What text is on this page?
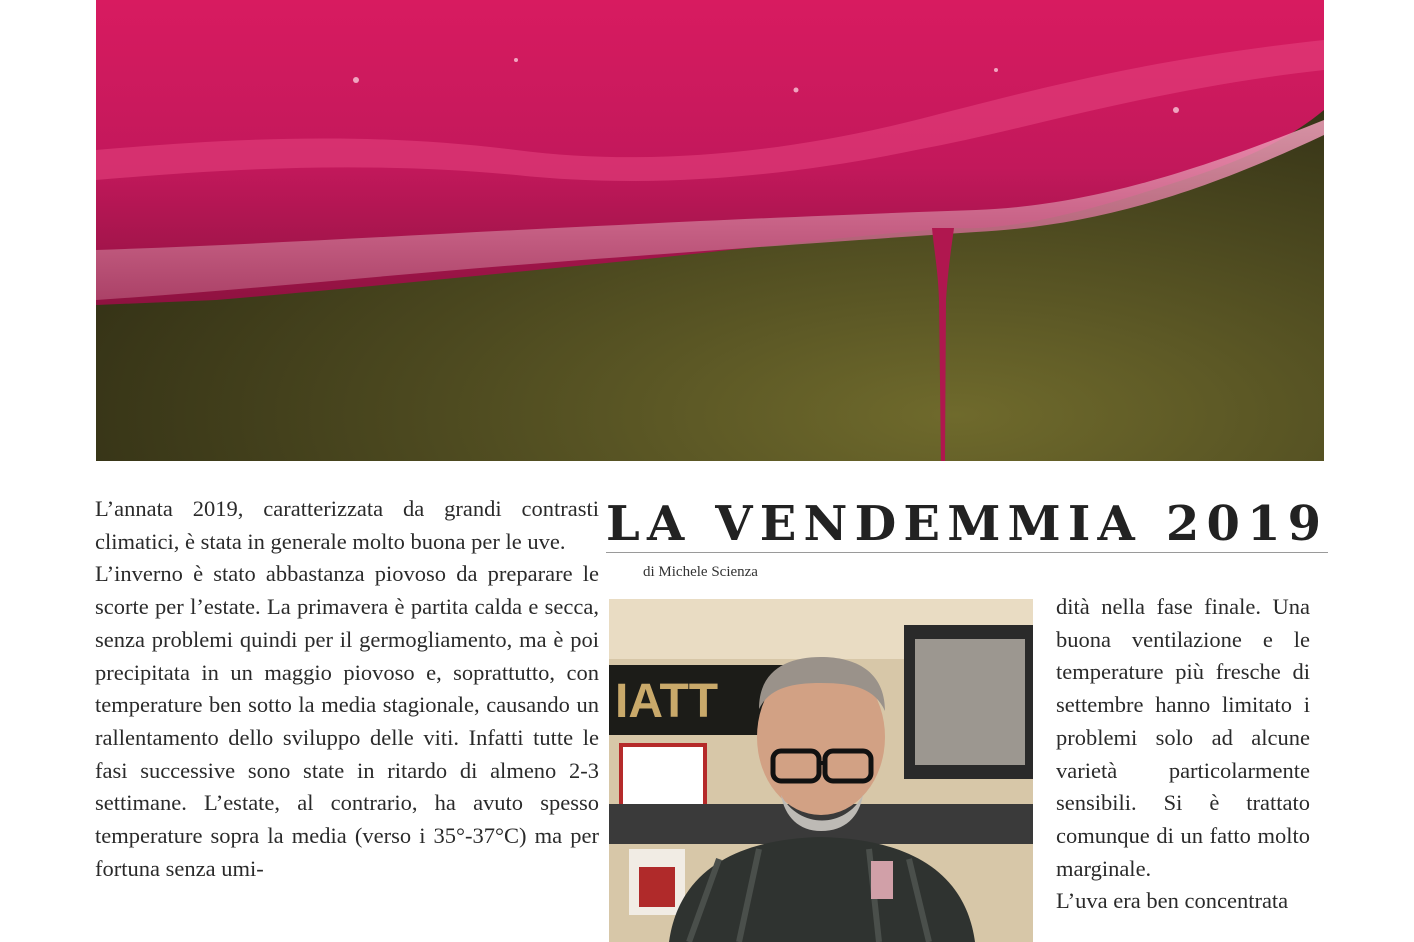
L’annata 2019, caratterizzata da grandi contrasti climatici, è stata in generale molto buona per le uve.

L’inverno è stato abbastanza piovoso da preparare le scorte per l’estate. La primavera è partita calda e secca, senza problemi quindi per il germogliamento, ma è poi precipitata in un maggio piovoso e, soprattutto, con temperature ben sotto la media stagionale, causando un rallentamento dello sviluppo delle viti. Infatti tutte le fasi successive sono state in ritardo di almeno 2-3 settimane. L’estate, al contrario, ha avuto spesso temperature sopra la media (verso i 35°-37°C) ma per fortuna senza umi-

LA VENDEMMIA 2019
di Michele Scienza
IATT

dità nella fase finale. Una buona ventilazione e le temperature più fresche di settembre hanno limitato i problemi solo ad alcune varietà particolarmente sensibili. Si è trattato comunque di un fatto molto marginale.

L’uva era ben concentrata
